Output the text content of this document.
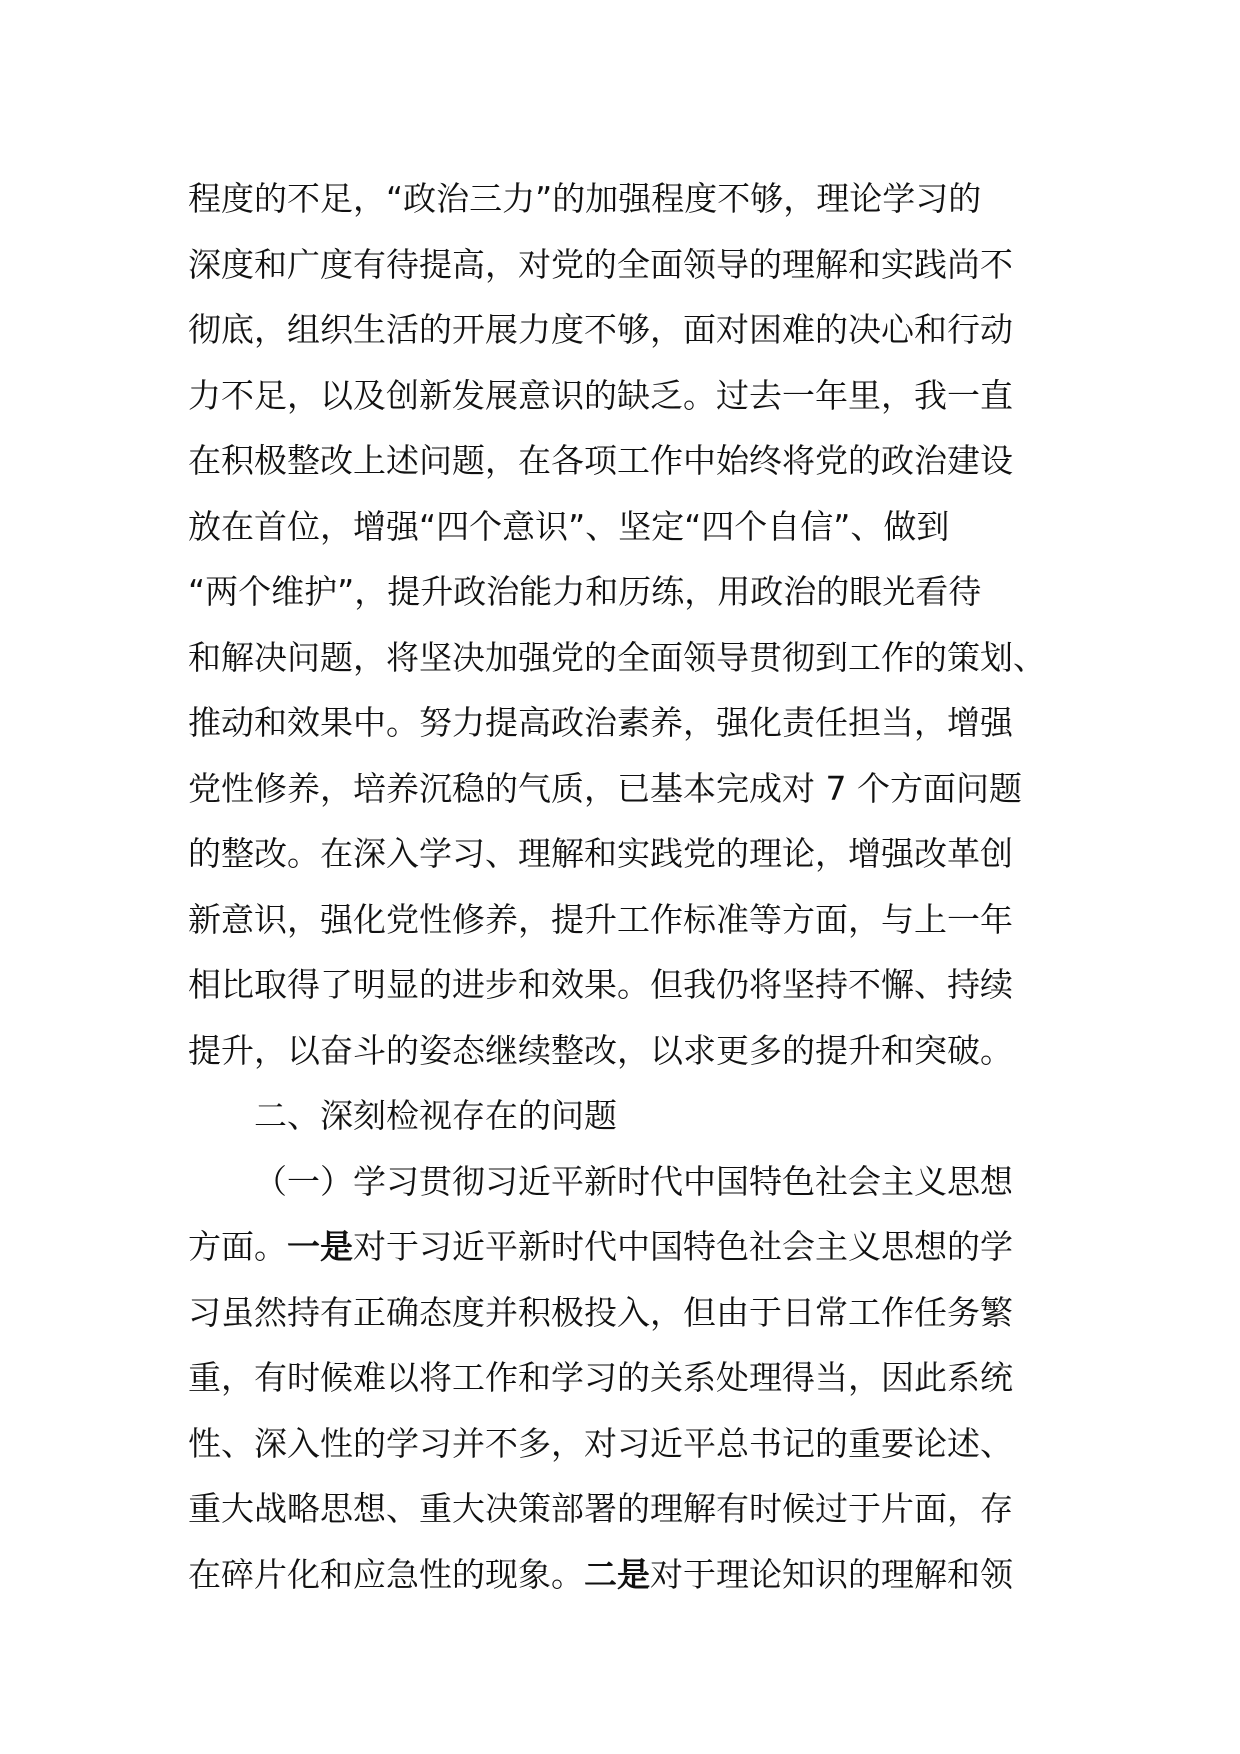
程度的不足，“政治三力”的加强程度不够，理论学习的
深度和广度有待提高，对党的全面领导的理解和实践尚不
彻底，组织生活的开展力度不够，面对困难的决心和行动
力不足，以及创新发展意识的缺乏。过去一年里，我一直
在积极整改上述问题，在各项工作中始终将党的政治建设
放在首位，增强“四个意识”、坚定“四个自信”、做到
“两个维护”，提升政治能力和历练，用政治的眼光看待
和解决问题，将坚决加强党的全面领导贯彻到工作的策划、
推动和效果中。努力提高政治素养，强化责任担当，增强
党性修养，培养沉稳的气质，已基本完成对 7 个方面问题
的整改。在深入学习、理解和实践党的理论，增强改革创
新意识，强化党性修养，提升工作标准等方面，与上一年
相比取得了明显的进步和效果。但我仍将坚持不懈、持续
提升，以奋斗的姿态继续整改，以求更多的提升和突破。
二、深刻检视存在的问题
（一）学习贯彻习近平新时代中国特色社会主义思想
方面。一是对于习近平新时代中国特色社会主义思想的学
习虽然持有正确态度并积极投入，但由于日常工作任务繁
重，有时候难以将工作和学习的关系处理得当，因此系统
性、深入性的学习并不多，对习近平总书记的重要论述、
重大战略思想、重大决策部署的理解有时候过于片面，存
在碎片化和应急性的现象。二是对于理论知识的理解和领
